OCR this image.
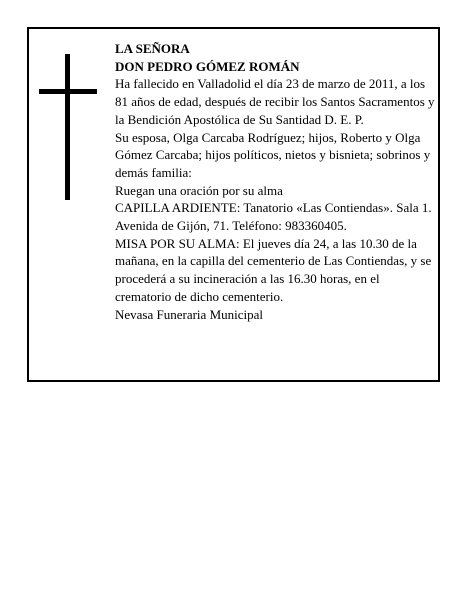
LA SEÑORA

DON PEDRO GÓMEZ ROMÁN

Ha fallecido en Valladolid el día 23 de marzo de 2011, a los 81 años de edad, después de recibir los Santos Sacramentos y la Bendición Apostólica de Su Santidad D. E. P.

Su esposa, Olga Carcaba Rodríguez; hijos, Roberto y Olga Gómez Carcaba; hijos políticos, nietos y bisnieta; sobrinos y demás familia:

Ruegan una oración por su alma

CAPILLA ARDIENTE: Tanatorio «Las Contiendas». Sala 1. Avenida de Gijón, 71. Teléfono: 983360405.

MISA POR SU ALMA: El jueves día 24, a las 10.30 de la mañana, en la capilla del cementerio de Las Contiendas, y se procederá a su incineración a las 16.30 horas, en el crematorio de dicho cementerio.

Nevasa Funeraria Municipal
